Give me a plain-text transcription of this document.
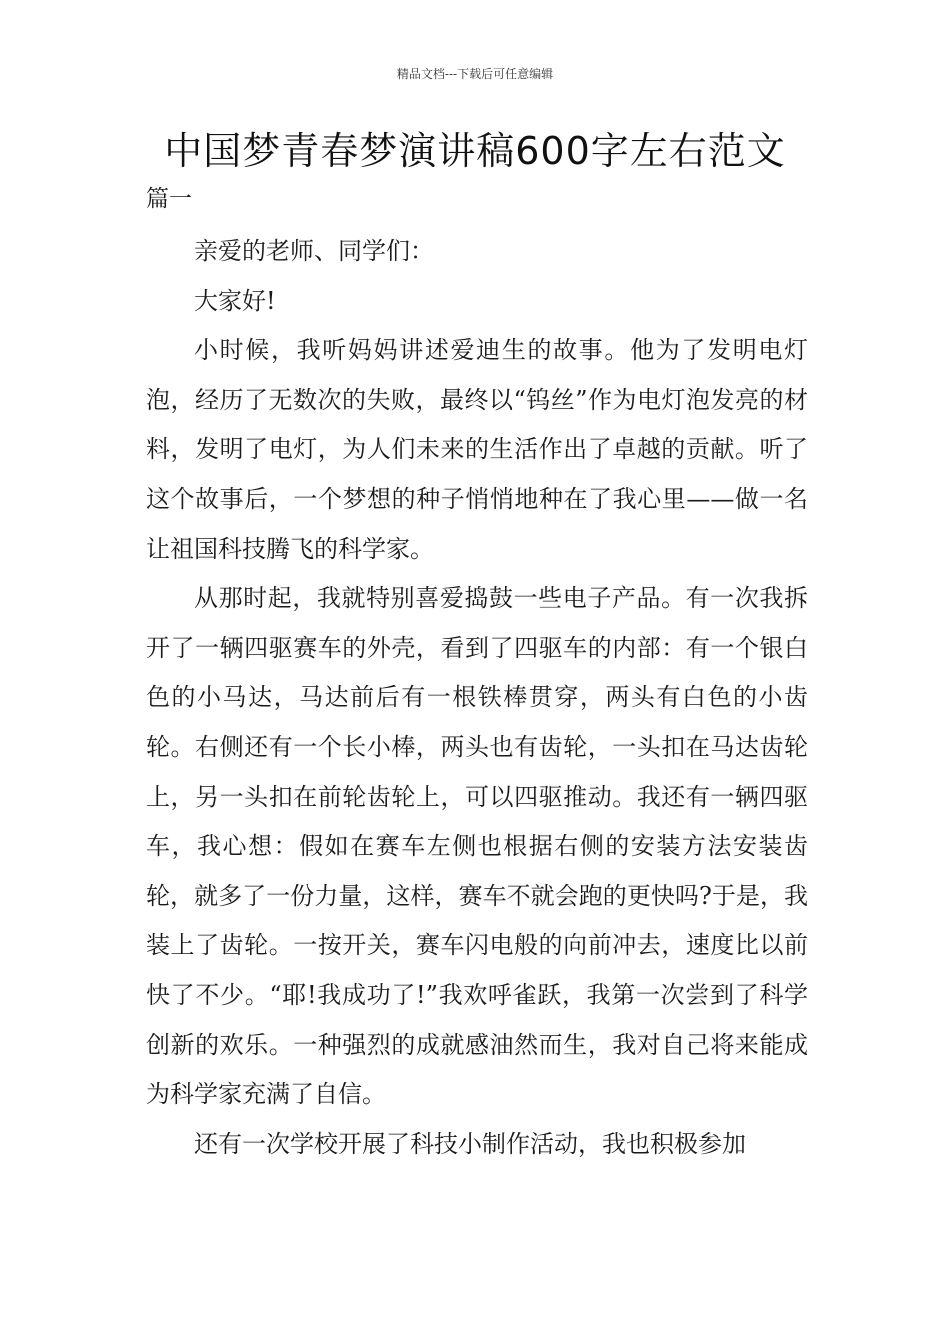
精品文档---下载后可任意编辑
中国梦青春梦演讲稿600字左右范文
篇一

亲爱的老师、同学们：

大家好!

小时候，我听妈妈讲述爱迪生的故事。他为了发明电灯泡，经历了无数次的失败，最终以“钨丝”作为电灯泡发亮的材料，发明了电灯，为人们未来的生活作出了卓越的贡献。听了这个故事后，一个梦想的种子悄悄地种在了我心里——做一名让祖国科技腾飞的科学家。

从那时起，我就特别喜爱捣鼓一些电子产品。有一次我拆开了一辆四驱赛车的外壳，看到了四驱车的内部：有一个银白色的小马达，马达前后有一根铁棒贯穿，两头有白色的小齿轮。右侧还有一个长小棒，两头也有齿轮，一头扣在马达齿轮上，另一头扣在前轮齿轮上，可以四驱推动。我还有一辆四驱车，我心想：假如在赛车左侧也根据右侧的安装方法安装齿轮，就多了一份力量，这样，赛车不就会跑的更快吗?于是，我装上了齿轮。一按开关，赛车闪电般的向前冲去，速度比以前快了不少。“耶!我成功了!”我欢呼雀跃，我第一次尝到了科学创新的欢乐。一种强烈的成就感油然而生，我对自己将来能成为科学家充满了自信。

还有一次学校开展了科技小制作活动，我也积极参加
